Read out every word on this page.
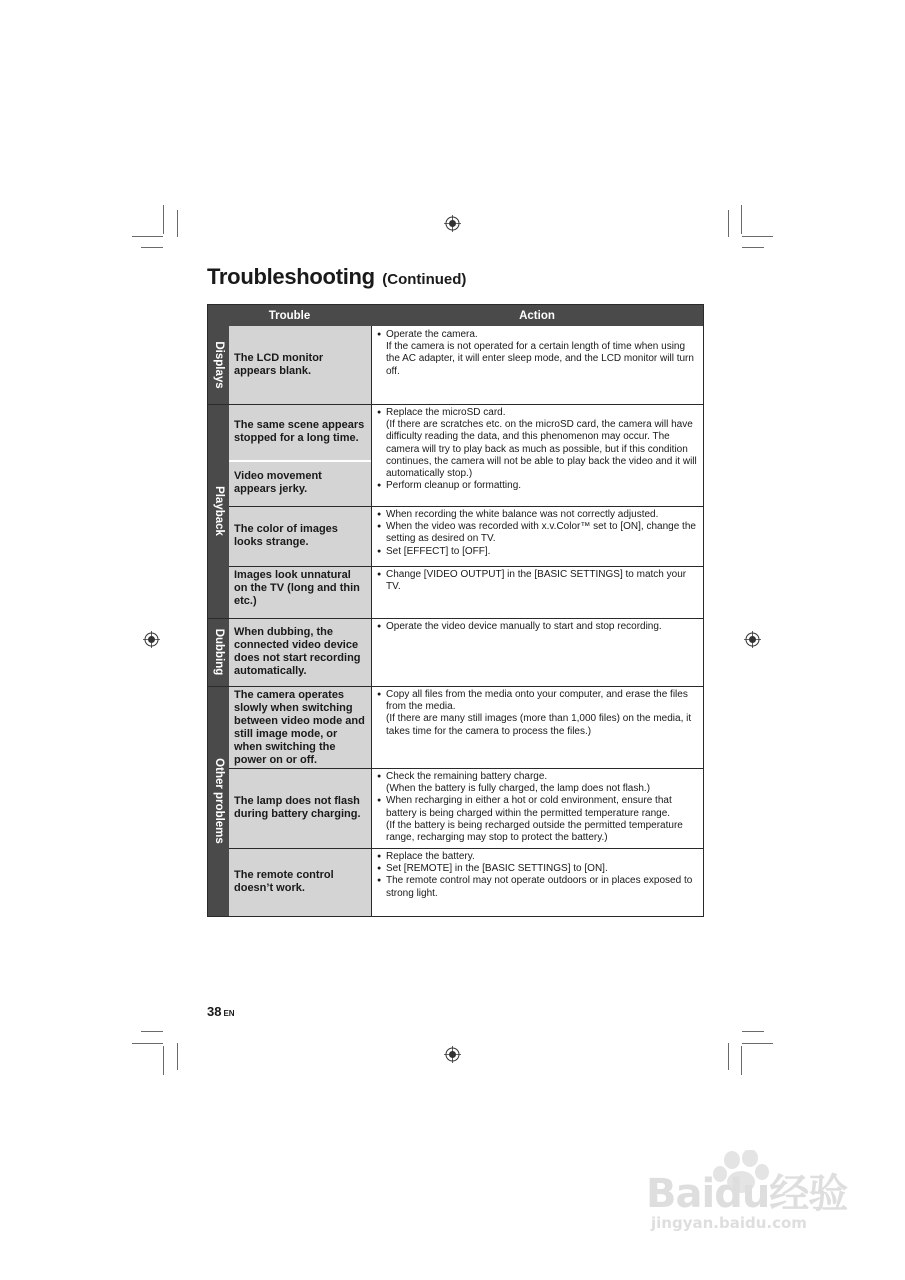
Troubleshooting (Continued)
Trouble	Action
Displays
Playback
Dubbing
Other problems
The LCD monitor appears blank.
The same scene appears stopped for a long time.
Video movement appears jerky.
The color of images looks strange.
Images look unnatural on the TV (long and thin etc.)
When dubbing, the connected video device does not start recording automatically.
The camera operates slowly when switching between video mode and still image mode, or when switching the power on or off.
The lamp does not flash during battery charging.
The remote control doesn’t work.
● Operate the camera.
If the camera is not operated for a certain length of time when using the AC adapter, it will enter sleep mode, and the LCD monitor will turn off.
● Replace the microSD card.
(If there are scratches etc. on the microSD card, the camera will have difficulty reading the data, and this phenomenon may occur. The camera will try to play back as much as possible, but if this condition continues, the camera will not be able to play back the video and it will automatically stop.)
● Perform cleanup or formatting.
● When recording the white balance was not correctly adjusted.
● When the video was recorded with x.v.Color™ set to [ON], change the setting as desired on TV.
● Set [EFFECT] to [OFF].
● Change [VIDEO OUTPUT] in the [BASIC SETTINGS] to match your TV.
● Operate the video device manually to start and stop recording.
● Copy all files from the media onto your computer, and erase the files from the media.
(If there are many still images (more than 1,000 files) on the media, it takes time for the camera to process the files.)
● Check the remaining battery charge.
(When the battery is fully charged, the lamp does not flash.)
● When recharging in either a hot or cold environment, ensure that battery is being charged within the permitted temperature range.
(If the battery is being recharged outside the permitted temperature range, recharging may stop to protect the battery.)
● Replace the battery.
● Set [REMOTE] in the [BASIC SETTINGS] to [ON].
● The remote control may not operate outdoors or in places exposed to strong light.
38 EN
Baidu经验
jingyan.baidu.com
